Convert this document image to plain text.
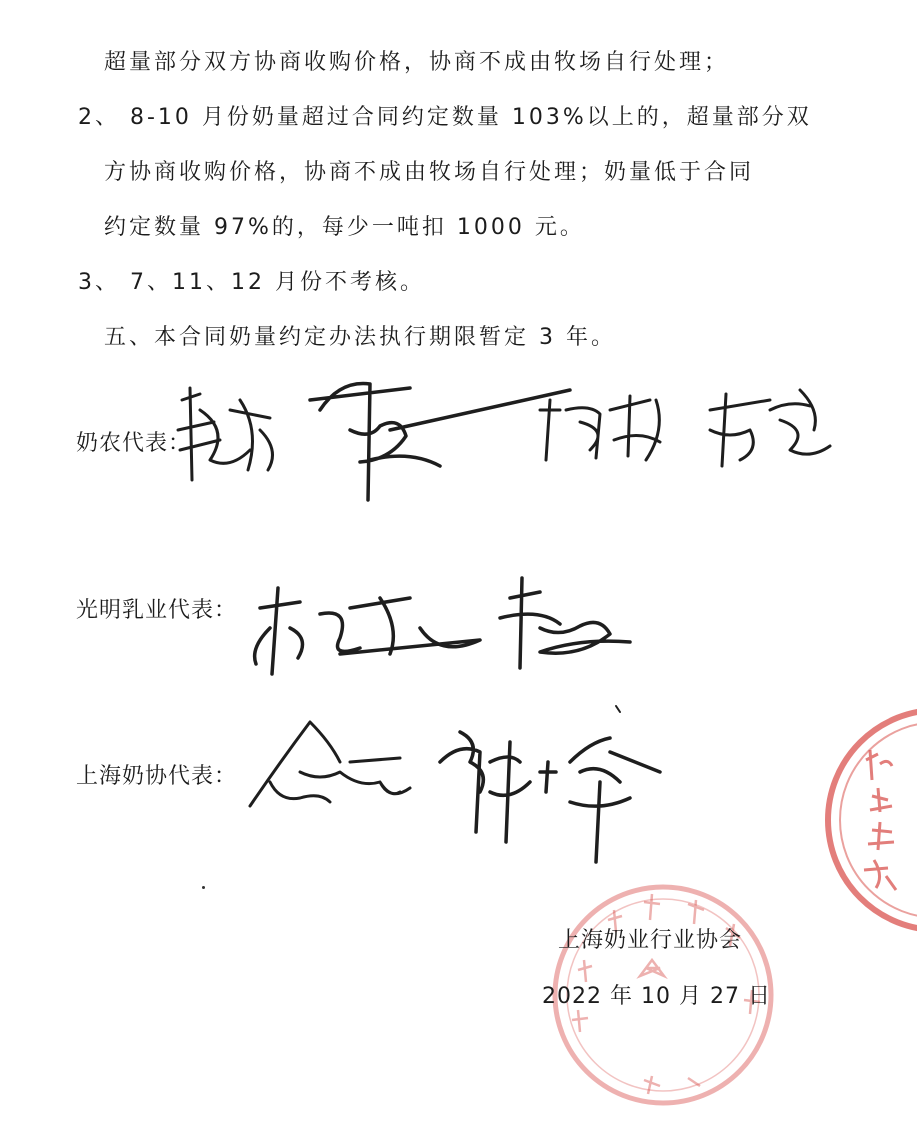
超量部分双方协商收购价格，协商不成由牧场自行处理；
2、 8-10 月份奶量超过合同约定数量 103%以上的，超量部分双
方协商收购价格，协商不成由牧场自行处理；奶量低于合同
约定数量 97%的，每少一吨扣 1000 元。
3、 7、11、12 月份不考核。
五、本合同奶量约定办法执行期限暂定 3 年。
奶农代表：
光明乳业代表：
上海奶协代表：
上海奶业行业协会
2022 年 10 月 27 日
